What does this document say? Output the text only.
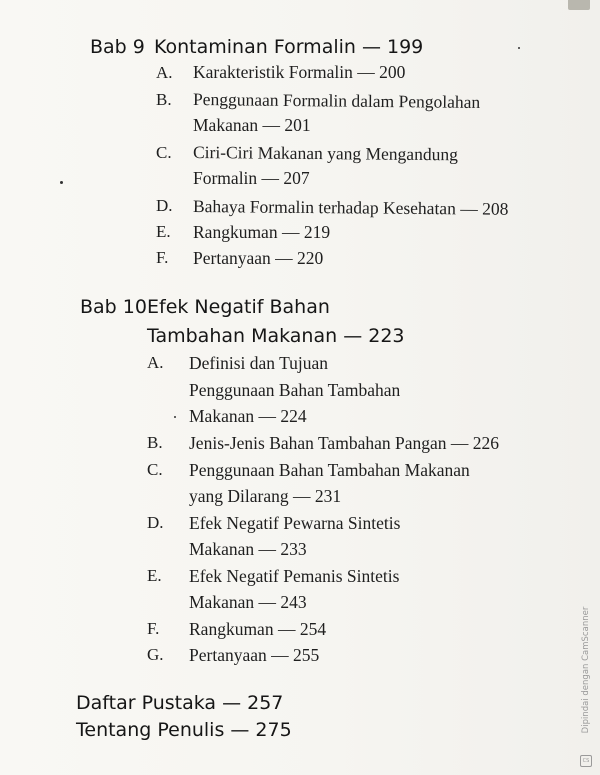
Bab 9 Kontaminan Formalin — 199
A. Karakteristik Formalin — 200
B. Penggunaan Formalin dalam Pengolahan
Makanan — 201
C. Ciri-Ciri Makanan yang Mengandung
Formalin — 207
D. Bahaya Formalin terhadap Kesehatan — 208
E. Rangkuman — 219
F. Pertanyaan — 220
Bab 10Efek Negatif Bahan
Tambahan Makanan — 223
A. Definisi dan Tujuan
Penggunaan Bahan Tambahan
Makanan — 224
B. Jenis-Jenis Bahan Tambahan Pangan — 226
C. Penggunaan Bahan Tambahan Makanan
yang Dilarang — 231
D. Efek Negatif Pewarna Sintetis
Makanan — 233
E. Efek Negatif Pemanis Sintetis
Makanan — 243
F. Rangkuman — 254
G. Pertanyaan — 255
Daftar Pustaka — 257
Tentang Penulis — 275	Dipindai dengan CamScanner
CS
